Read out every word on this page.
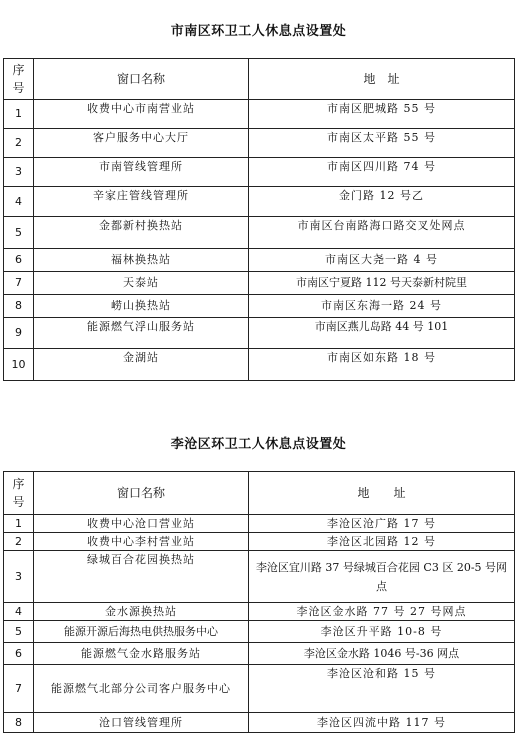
市南区环卫工人休息点设置处
序
号	窗口名称	地　址
1	收费中心市南营业站	市南区肥城路 55 号
2	客户服务中心大厅	市南区太平路 55 号
3	市南管线管理所	市南区四川路 74 号
4	辛家庄管线管理所	金门路 12 号乙
5	金都新村换热站	市南区台南路海口路交叉处网点
6	福林换热站	市南区大尧一路 4 号
7	天泰站	市南区宁夏路 112 号天泰新村院里
8	崂山换热站	市南区东海一路 24 号
9	能源燃气浮山服务站	市南区燕儿岛路 44 号 101
10	金湖站	市南区如东路 18 号
李沧区环卫工人休息点设置处
序
号	窗口名称	地　　址
1	收费中心沧口营业站	李沧区沧广路 17 号
2	收费中心李村营业站	李沧区北园路 12 号
3	绿城百合花园换热站	李沧区宜川路 37 号绿城百合花园 C3 区 20-5 号网点
4	金水源换热站	李沧区金水路 77 号 27 号网点
5	能源开源后海热电供热服务中心	李沧区升平路 10-8 号
6	能源燃气金水路服务站	李沧区金水路 1046 号-36 网点
7	能源燃气北部分公司客户服务中心	李沧区沧和路 15 号
8	沧口管线管理所	李沧区四流中路 117 号
